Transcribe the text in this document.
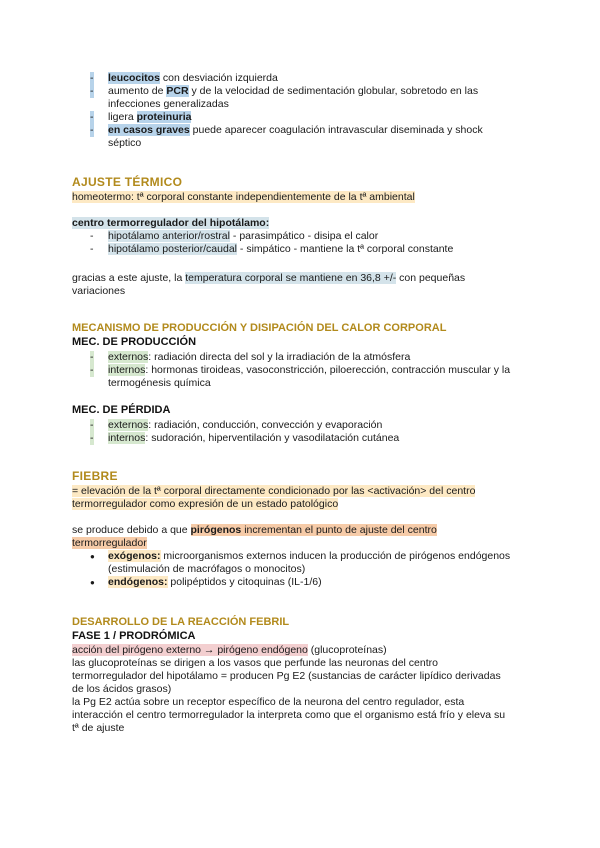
- leucocitos con desviación izquierda
- aumento de PCR y de la velocidad de sedimentación globular, sobretodo en las infecciones generalizadas
- ligera proteinuria
- en casos graves puede aparecer coagulación intravascular diseminada y shock séptico

AJUSTE TÉRMICO

homeotermo: tª corporal constante independientemente de la tª ambiental

centro termorregulador del hipotálamo:

- hipotálamo anterior/rostral - parasimpático - disipa el calor
- hipotálamo posterior/caudal - simpático - mantiene la tª corporal constante

gracias a este ajuste, la temperatura corporal se mantiene en 36,8 +/- con pequeñas variaciones

MECANISMO DE PRODUCCIÓN Y DISIPACIÓN DEL CALOR CORPORAL

MEC. DE PRODUCCIÓN

- externos: radiación directa del sol y la irradiación de la atmósfera
- internos: hormonas tiroideas, vasoconstricción, piloerección, contracción muscular y la termogénesis química

MEC. DE PÉRDIDA

- externos: radiación, conducción, convección y evaporación
- internos: sudoración, hiperventilación y vasodilatación cutánea

FIEBRE

= elevación de la tª corporal directamente condicionado por las <activación> del centro termorregulador como expresión de un estado patológico

se produce debido a que pirógenos incrementan el punto de ajuste del centro termorregulador

● exógenos: microorganismos externos inducen la producción de pirógenos endógenos (estimulación de macrófagos o monocitos)
● endógenos: polipéptidos y citoquinas (IL-1/6)

DESARROLLO DE LA REACCIÓN FEBRIL

FASE 1 / PRODRÓMICA

acción del pirógeno externo → pirógeno endógeno (glucoproteínas)

las glucoproteínas se dirigen a los vasos que perfunde las neuronas del centro termorregulador del hipotálamo = producen Pg E2 (sustancias de carácter lipídico derivadas de los ácidos grasos)

la Pg E2 actúa sobre un receptor específico de la neurona del centro regulador, esta interacción el centro termorregulador la interpreta como que el organismo está frío y eleva su tª de ajuste
